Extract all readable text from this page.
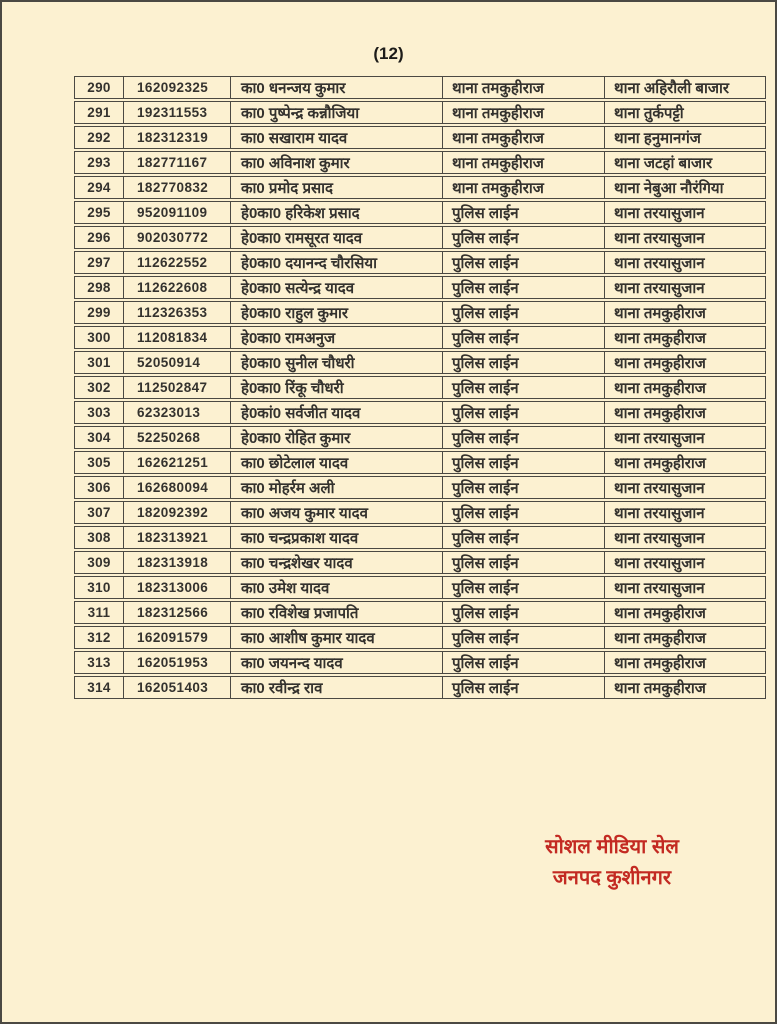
(12)
290	162092325	का0 धनन्जय कुमार	थाना तमकुहीराज	थाना अहिरौली बाजार
291	192311553	का0 पुष्पेन्द्र कन्नौजिया	थाना तमकुहीराज	थाना तुर्कपट्टी
292	182312319	का0 सखाराम यादव	थाना तमकुहीराज	थाना हनुमानगंज
293	182771167	का0 अविनाश कुमार	थाना तमकुहीराज	थाना जटहां बाजार
294	182770832	का0 प्रमोद प्रसाद	थाना तमकुहीराज	थाना नेबुआ नौरंगिया
295	952091109	हे0का0 हरिकेश प्रसाद	पुलिस लाईन	थाना तरयासुजान
296	902030772	हे0का0 रामसूरत यादव	पुलिस लाईन	थाना तरयासुजान
297	112622552	हे0का0 दयानन्द चौरसिया	पुलिस लाईन	थाना तरयासुजान
298	112622608	हे0का0 सत्येन्द्र यादव	पुलिस लाईन	थाना तरयासुजान
299	112326353	हे0का0 राहुल कुमार	पुलिस लाईन	थाना तमकुहीराज
300	112081834	हे0का0 रामअनुज	पुलिस लाईन	थाना तमकुहीराज
301	52050914	हे0का0 सुनील चौधरी	पुलिस लाईन	थाना तमकुहीराज
302	112502847	हे0का0 रिंकू चौधरी	पुलिस लाईन	थाना तमकुहीराज
303	62323013	हे0कां0 सर्वजीत यादव	पुलिस लाईन	थाना तमकुहीराज
304	52250268	हे0का0 रोहित कुमार	पुलिस लाईन	थाना तरयासुजान
305	162621251	का0 छोटेलाल यादव	पुलिस लाईन	थाना तमकुहीराज
306	162680094	का0 मोहर्रम अली	पुलिस लाईन	थाना तरयासुजान
307	182092392	का0 अजय कुमार यादव	पुलिस लाईन	थाना तरयासुजान
308	182313921	का0 चन्द्रप्रकाश यादव	पुलिस लाईन	थाना तरयासुजान
309	182313918	का0 चन्द्रशेखर यादव	पुलिस लाईन	थाना तरयासुजान
310	182313006	का0 उमेश यादव	पुलिस लाईन	थाना तरयासुजान
311	182312566	का0 रविशेख प्रजापति	पुलिस लाईन	थाना तमकुहीराज
312	162091579	का0 आशीष कुमार यादव	पुलिस लाईन	थाना तमकुहीराज
313	162051953	का0 जयनन्द यादव	पुलिस लाईन	थाना तमकुहीराज
314	162051403	का0 रवीन्द्र राव	पुलिस लाईन	थाना तमकुहीराज
सोशल मीडिया सेल
जनपद कुशीनगर
